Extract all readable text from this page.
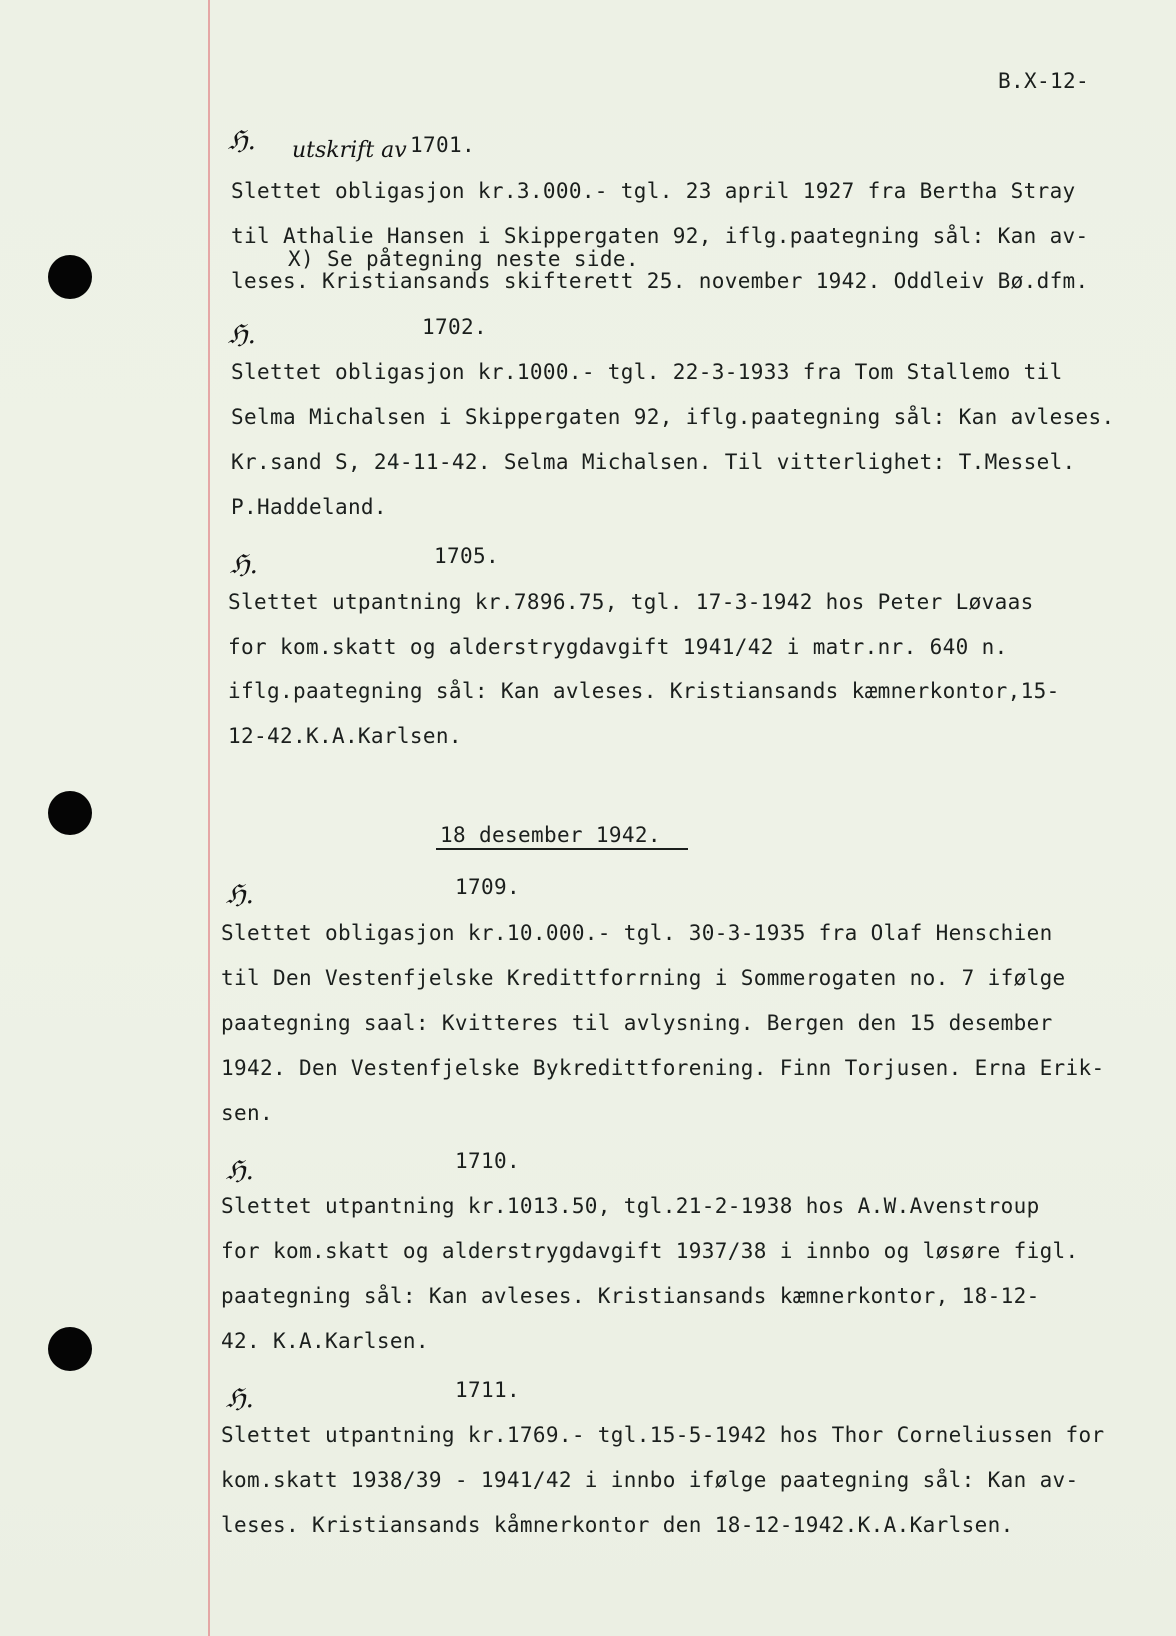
B.X-12-
ℌ. utskrift av 1701.
Slettet obligasjon kr.3.000.- tgl. 23 april 1927 fra Bertha Stray
til Athalie Hansen i Skippergaten 92, iflg.paategning sål: Kan av-
X) Se påtegning neste side.
leses. Kristiansands skifterett 25. november 1942. Oddleiv Bø.dfm.
ℌ.	1702.
Slettet obligasjon kr.1000.- tgl. 22-3-1933 fra Tom Stallemo til
Selma Michalsen i Skippergaten 92, iflg.paategning sål: Kan avleses.
Kr.sand S, 24-11-42. Selma Michalsen. Til vitterlighet: T.Messel.
P.Haddeland.
ℌ.	1705.
Slettet utpantning kr.7896.75, tgl. 17-3-1942 hos Peter Løvaas
for kom.skatt og alderstrygdavgift 1941/42 i matr.nr. 640 n.
iflg.paategning sål: Kan avleses. Kristiansands kæmnerkontor,15-
12-42.K.A.Karlsen.
18 desember 1942.
ℌ.	1709.
Slettet obligasjon kr.10.000.- tgl. 30-3-1935 fra Olaf Henschien
til Den Vestenfjelske Kredittforrning i Sommerogaten no. 7 ifølge
paategning saal: Kvitteres til avlysning. Bergen den 15 desember
1942. Den Vestenfjelske Bykredittforening. Finn Torjusen. Erna Erik-
sen.
ℌ.	1710.
Slettet utpantning kr.1013.50, tgl.21-2-1938 hos A.W.Avenstroup
for kom.skatt og alderstrygdavgift 1937/38 i innbo og løsøre figl.
paategning sål: Kan avleses. Kristiansands kæmnerkontor, 18-12-
42. K.A.Karlsen.
ℌ.	1711.
Slettet utpantning kr.1769.- tgl.15-5-1942 hos Thor Corneliussen for
kom.skatt 1938/39 - 1941/42 i innbo ifølge paategning sål: Kan av-
leses. Kristiansands kåmnerkontor den 18-12-1942.K.A.Karlsen.
